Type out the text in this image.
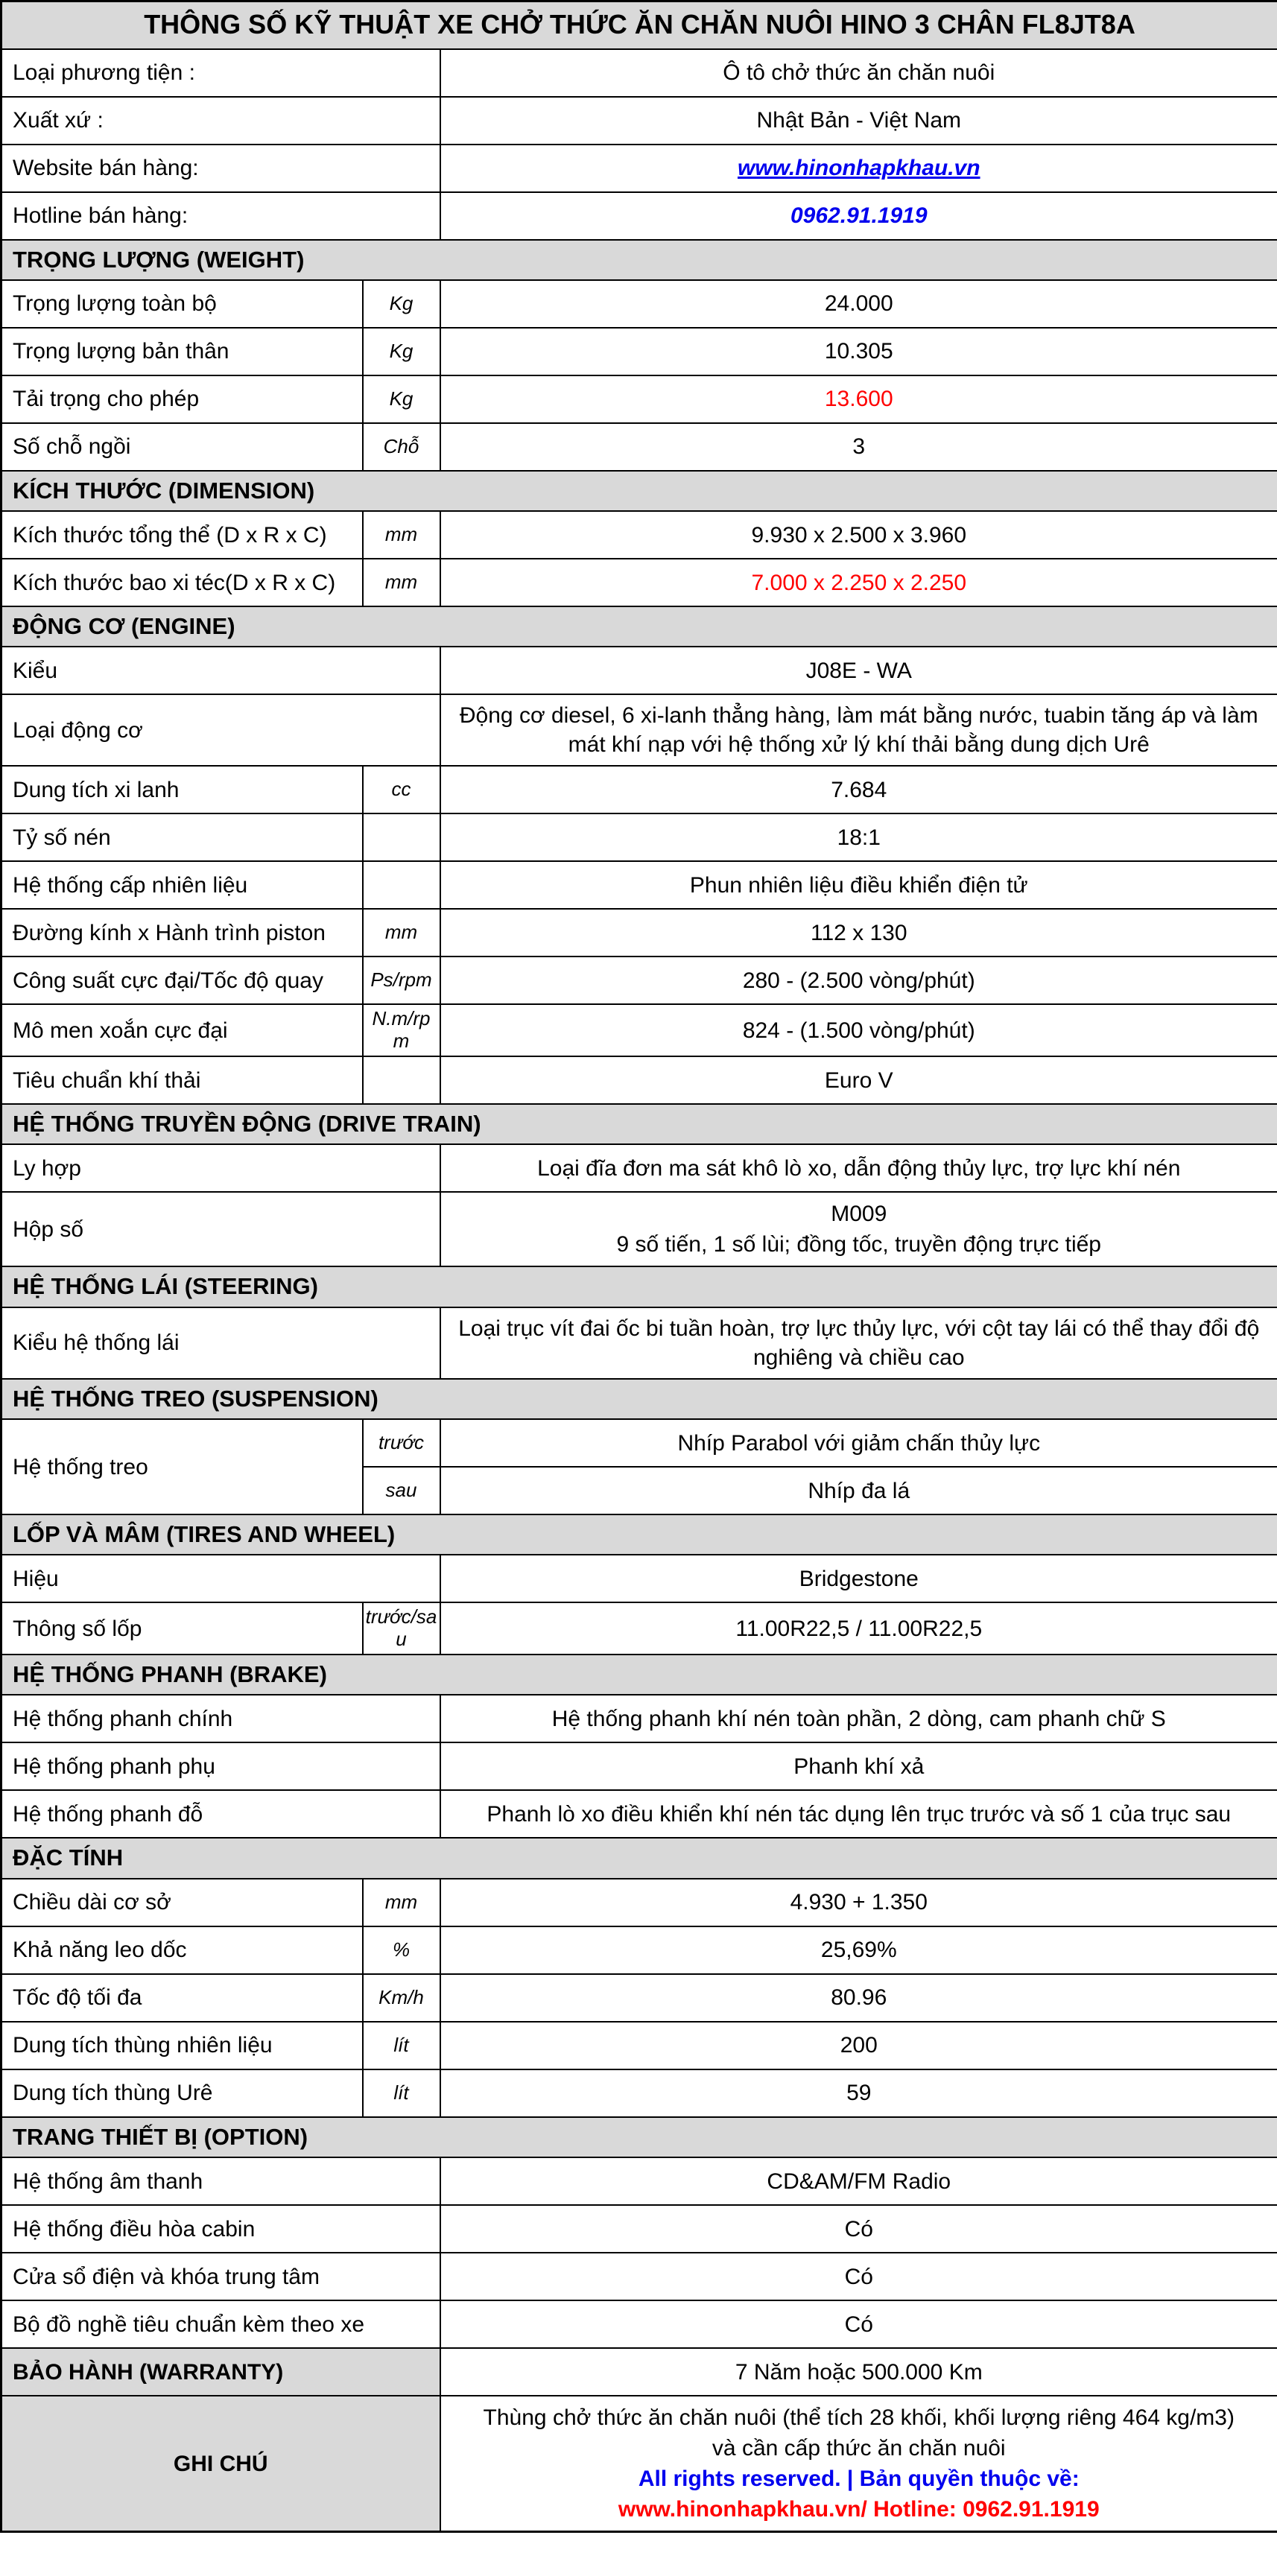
THÔNG SỐ KỸ THUẬT XE CHỞ THỨC ĂN CHĂN NUÔI HINO 3 CHÂN FL8JT8A		
Loại phương tiện :		Ô tô chở thức ăn chăn nuôi
Xuất xứ :		Nhật Bản - Việt Nam
Website bán hàng:		www.hinonhapkhau.vn
Hotline bán hàng:		0962.91.1919
TRỌNG LƯỢNG (WEIGHT)		
Trọng lượng toàn bộ	Kg	24.000
Trọng lượng bản thân	Kg	10.305
Tải trọng cho phép	Kg	13.600
Số chỗ ngồi	Chỗ	3
KÍCH THƯỚC (DIMENSION)		
Kích thước tổng thể (D x R x C)	mm	9.930 x 2.500 x 3.960
Kích thước bao xi téc(D x R x C)	mm	7.000 x 2.250 x 2.250
ĐỘNG CƠ (ENGINE)		
Kiểu		J08E - WA
Loại động cơ		Động cơ diesel, 6 xi-lanh thẳng hàng, làm mát bằng nước, tuabin tăng áp và làm mát khí nạp với hệ thống xử lý khí thải bằng dung dịch Urê
Dung tích xi lanh	cc	7.684
Tỷ số nén		18:1
Hệ thống cấp nhiên liệu		Phun nhiên liệu điều khiển điện tử
Đường kính x Hành trình piston	mm	112 x 130
Công suất cực đại/Tốc độ quay	Ps/rpm	280 - (2.500 vòng/phút)
Mô men xoắn cực đại	N.m/rpm	824 - (1.500 vòng/phút)
Tiêu chuẩn khí thải		Euro V
HỆ THỐNG TRUYỀN ĐỘNG (DRIVE TRAIN)		
Ly hợp		Loại đĩa đơn ma sát khô lò xo, dẫn động thủy lực, trợ lực khí nén
Hộp số		M009
9 số tiến, 1 số lùi; đồng tốc, truyền động trực tiếp

HỆ THỐNG LÁI (STEERING)		
Kiểu hệ thống lái		Loại trục vít đai ốc bi tuần hoàn, trợ lực thủy lực, với cột tay lái có thể thay đổi độ nghiêng và chiều cao
HỆ THỐNG TREO (SUSPENSION)		
Hệ thống treo	trước	Nhíp Parabol với giảm chấn thủy lực
	sau	Nhíp đa lá
LỐP VÀ MÂM (TIRES AND WHEEL)		
Hiệu		Bridgestone
Thông số lốp	trước/sau	11.00R22,5 / 11.00R22,5
HỆ THỐNG PHANH (BRAKE)		
Hệ thống phanh chính		Hệ thống phanh khí nén toàn phần, 2 dòng, cam phanh chữ S
Hệ thống phanh phụ		Phanh khí xả
Hệ thống phanh đỗ		Phanh lò xo điều khiển khí nén tác dụng lên trục trước và số 1 của trục sau
ĐẶC TÍNH		
Chiều dài cơ sở	mm	4.930 + 1.350
Khả năng leo dốc	%	25,69%
Tốc độ tối đa	Km/h	80.96
Dung tích thùng nhiên liệu	lít	200
Dung tích thùng Urê	lít	59
TRANG THIẾT BỊ (OPTION)		
Hệ thống âm thanh		CD&AM/FM Radio
Hệ thống điều hòa cabin		Có
Cửa sổ điện và khóa trung tâm		Có
Bộ đồ nghề tiêu chuẩn kèm theo xe		Có
BẢO HÀNH (WARRANTY)		7 Năm hoặc 500.000 Km
GHI CHÚ		Thùng chở thức ăn chăn nuôi (thể tích 28 khối, khối lượng riêng 464 kg/m3)
và cần cấp thức ăn chăn nuôi
All rights reserved. | Bản quyền thuộc về:
www.hinonhapkhau.vn/ Hotline: 0962.91.1919
